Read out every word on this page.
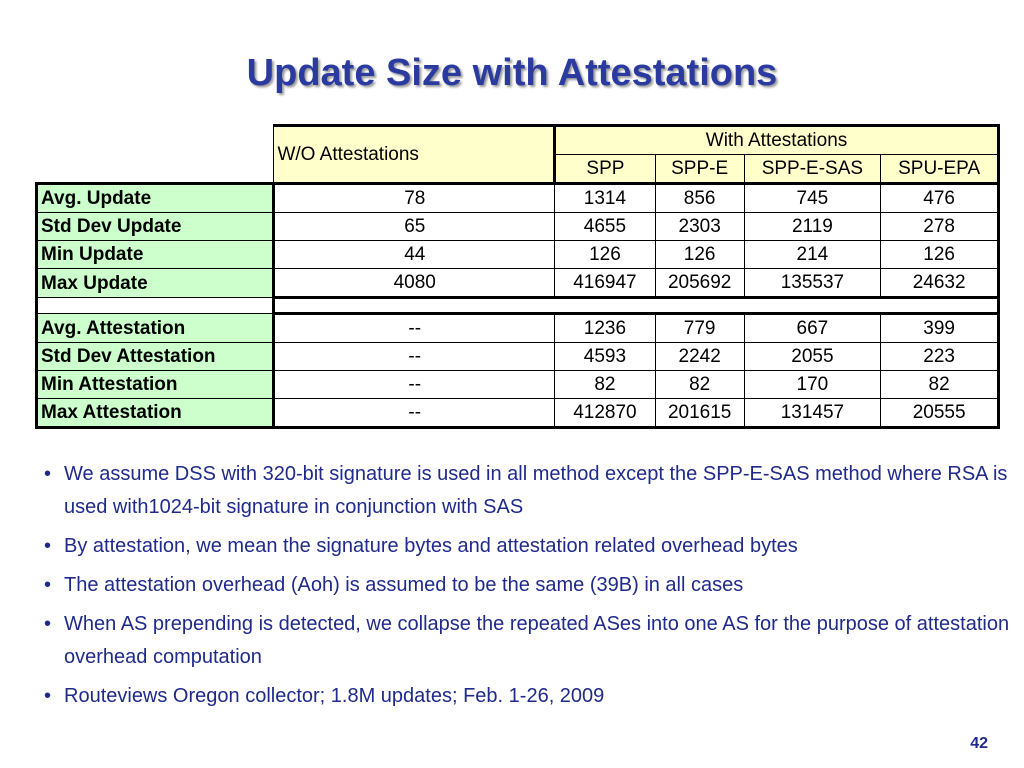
Update Size with Attestations
	W/O Attestations	With Attestations			
		SPP	SPP-E	SPP-E-SAS	SPU-EPA
Avg. Update	78	1314	856	745	476
Std Dev Update	65	4655	2303	2119	278
Min Update	44	126	126	214	126
Max Update	4080	416947	205692	135537	24632

Avg. Attestation	--	1236	779	667	399
Std Dev Attestation	--	4593	2242	2055	223
Min Attestation	--	82	82	170	82
Max Attestation	--	412870	201615	131457	20555
• We assume DSS with 320-bit signature is used in all method except the SPP-E-SAS method where RSA is used with1024-bit signature in conjunction with SAS
• By attestation, we mean the signature bytes and attestation related overhead bytes
• The attestation overhead (Aoh) is assumed to be the same (39B) in all cases
• When AS prepending is detected, we collapse the repeated ASes into one AS for the purpose of attestation overhead computation
• Routeviews Oregon collector; 1.8M updates; Feb. 1-26, 2009
42
